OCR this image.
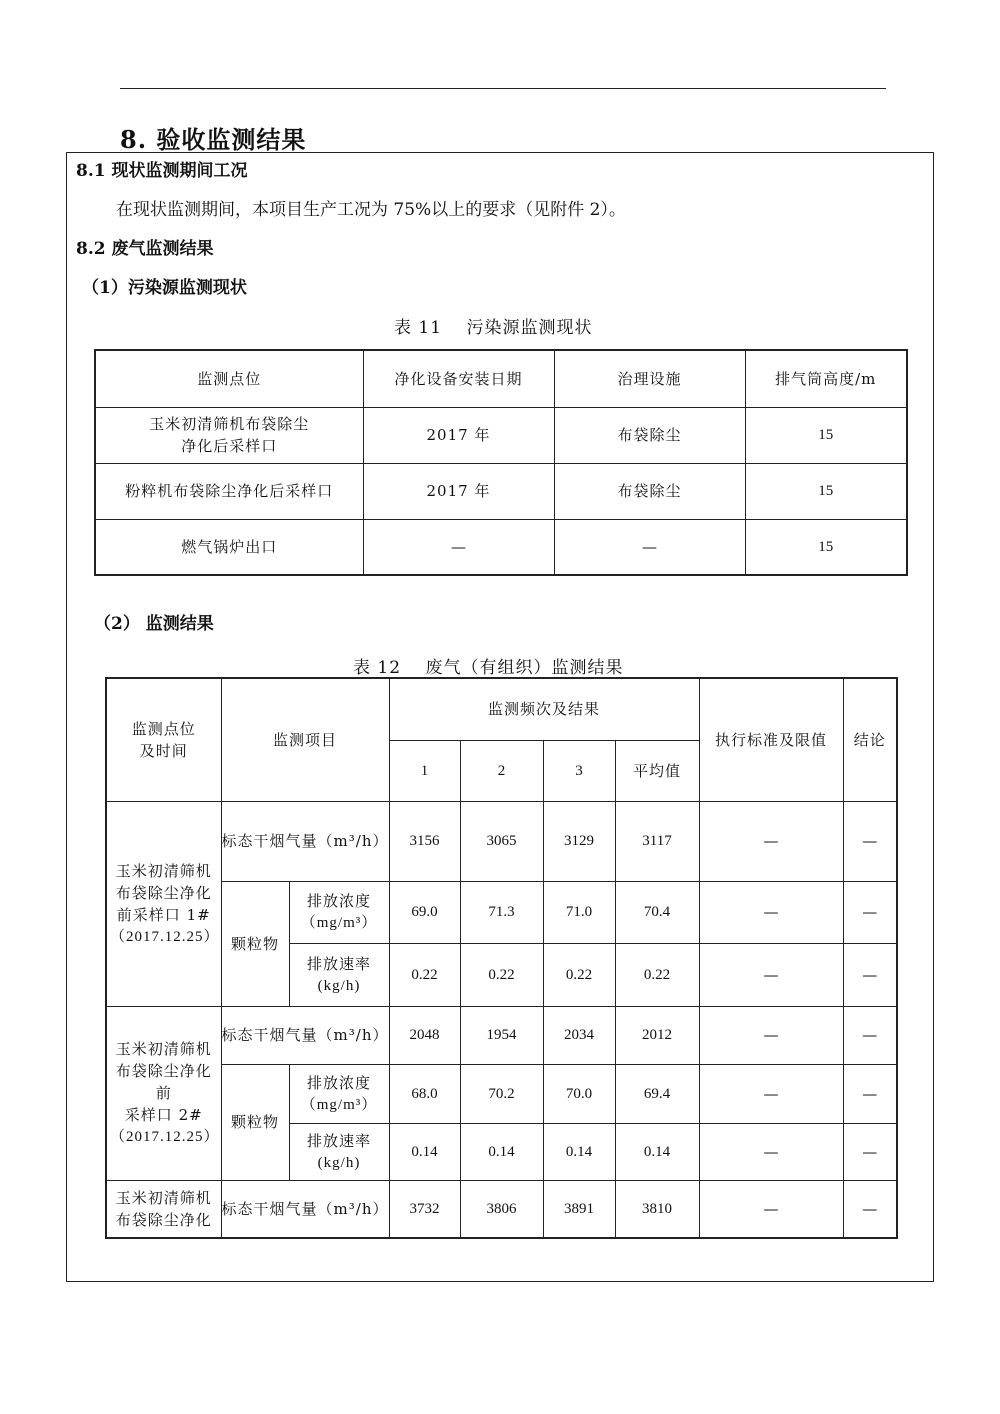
8. 验收监测结果
8.1 现状监测期间工况
在现状监测期间，本项目生产工况为 75%以上的要求（见附件 2）。
8.2 废气监测结果
（1）污染源监测现状
表 11　 污染源监测现状
监测点位	净化设备安装日期	治理设施	排气筒高度/m

玉米初清筛机布袋除尘
净化后采样口	2017 年	布袋除尘	15
粉粹机布袋除尘净化后采样口	2017 年	布袋除尘	15
燃气锅炉出口	—	—	15
（2） 监测结果
表 12　 废气（有组织）监测结果
监测点位
及时间	监测项目		监测频次及结果				执行标准及限值	结论
			1	2	3	平均值		

玉米初清筛机
布袋除尘净化
前采样口 1#
（2017.12.25）	标态干烟气量（m³/h）		3156	3065	3129	3117	—	—
	颗粒物	排放浓度
（mg/m³）	69.0	71.3	71.0	70.4	—	—

		排放速率
(kg/h)	0.22	0.22	0.22	0.22	—	—

玉米初清筛机
布袋除尘净化
前
采样口 2#
（2017.12.25）	标态干烟气量（m³/h）		2048	1954	2034	2012	—	—
	颗粒物	排放浓度
（mg/m³）	68.0	70.2	70.0	69.4	—	—

		排放速率
(kg/h)	0.14	0.14	0.14	0.14	—	—

玉米初清筛机
布袋除尘净化	标态干烟气量（m³/h）		3732	3806	3891	3810	—	—
